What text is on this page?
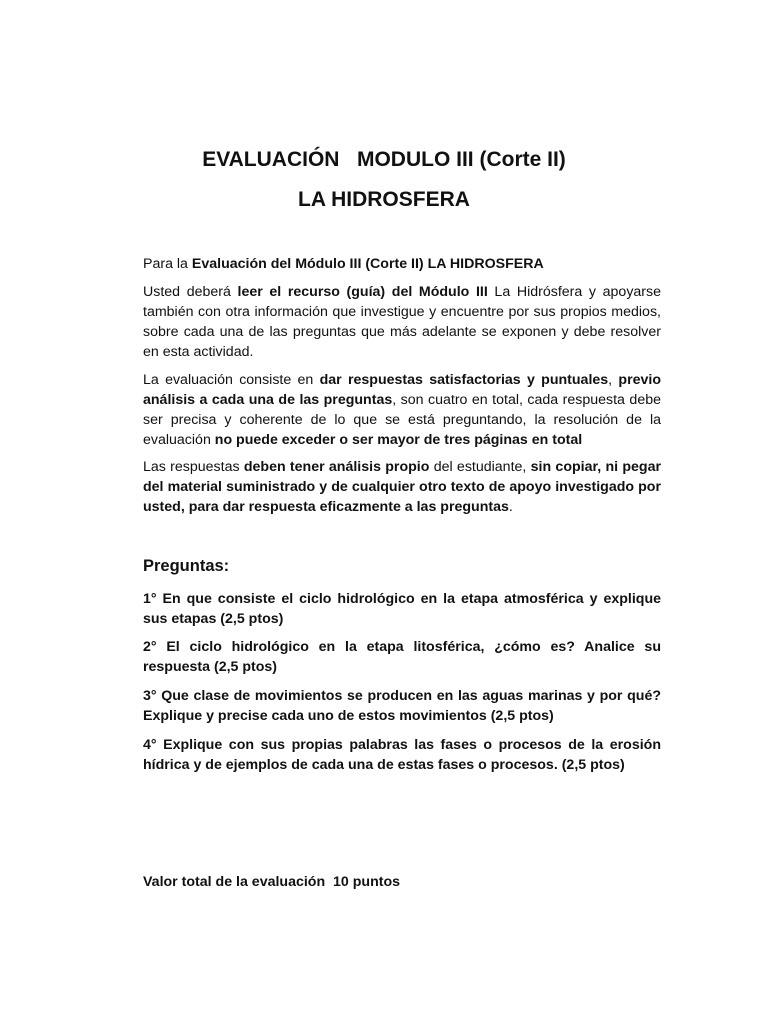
EVALUACIÓN   MODULO III (Corte II)
LA HIDROSFERA

Para la Evaluación del Módulo III (Corte II) LA HIDROSFERA

Usted deberá leer el recurso (guía) del Módulo III La Hidrósfera y apoyarse también con otra información que investigue y encuentre por sus propios medios, sobre cada una de las preguntas que más adelante se exponen y debe resolver en esta actividad.

La evaluación consiste en dar respuestas satisfactorias y puntuales, previo análisis a cada una de las preguntas, son cuatro en total, cada respuesta debe ser precisa y coherente de lo que se está preguntando, la resolución de la evaluación no puede exceder o ser mayor de tres páginas en total

Las respuestas deben tener análisis propio del estudiante, sin copiar, ni pegar del material suministrado y de cualquier otro texto de apoyo investigado por usted, para dar respuesta eficazmente a las preguntas.

Preguntas:

1° En que consiste el ciclo hidrológico en la etapa atmosférica y explique sus etapas (2,5 ptos)

2° El ciclo hidrológico en la etapa litosférica, ¿cómo es? Analice su respuesta (2,5 ptos)

3° Que clase de movimientos se producen en las aguas marinas y por qué? Explique y precise cada uno de estos movimientos (2,5 ptos)

4° Explique con sus propias palabras las fases o procesos de la erosión hídrica y de ejemplos de cada una de estas fases o procesos. (2,5 ptos)

Valor total de la evaluación  10 puntos
